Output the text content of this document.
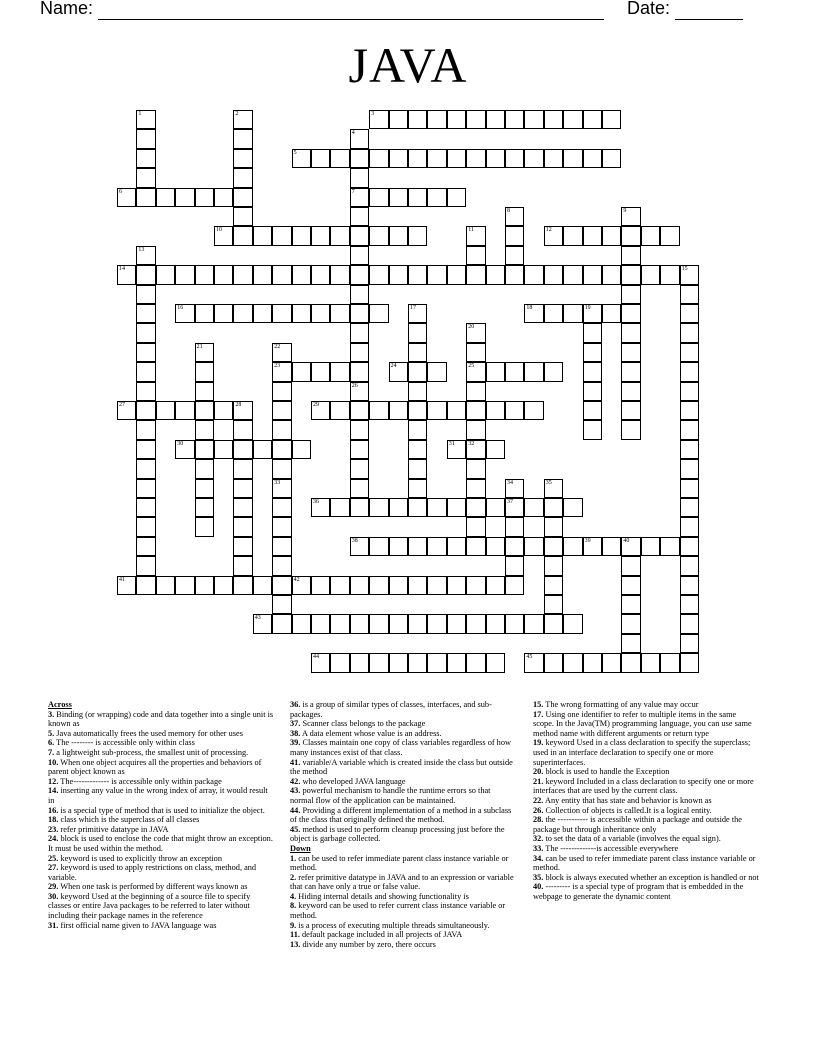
Name:	Date:
JAVA
1	2	3
4
7
5
6
8	9
10	11	12
13
14	15
16	17	18	19
20
25
21	22
23	24
26
27	28	29
30	31 32
33	34
37
35
36
38	39	40
41	42
43
44	45
Across
3. Binding (or wrapping) code and data together into a single unit is known as
5. Java automatically frees the used memory for other uses
6. The -------- is accessible only within class
7. a lightweight sub-process, the smallest unit of processing.
10. When one object acquires all the properties and behaviors of parent object known as
12. The------------- is accessible only within package
14. inserting any value in the wrong index of array, it would result in
16. is a special type of method that is used to initialize the object.
18. class which is the superclass of all classes
23. refer primitive datatype in JAVA
24. block is used to enclose the code that might throw an exception. It must be used within the method.
25. keyword is used to explicitly throw an exception
27. keyword is used to apply restrictions on class, method, and variable.
29. When one task is performed by different ways known as
30. keyword Used at the beginning of a source file to specify classes or entire Java packages to be referred to later without including their package names in the reference
31. first official name given to JAVA language was
36. is a group of similar types of classes, interfaces, and sub-packages.
37. Scanner class belongs to the package
38. A data element whose value is an address.
39. Classes maintain one copy of class variables regardless of how many instances exist of that class.
41. variable/A variable which is created inside the class but outside the method
42. who developed JAVA language
43. powerful mechanism to handle the runtime errors so that normal flow of the application can be maintained.
44. Providing a different implementation of a method in a subclass of the class that originally defined the method.
45. method is used to perform cleanup processing just before the object is garbage collected.
Down
1. can be used to refer immediate parent class instance variable or method.
2. refer primitive datatype in JAVA and to an expression or variable that can have only a true or false value.
4. Hiding internal details and showing functionality is
8. keyword can be used to refer current class instance variable or method.
9. is a process of executing multiple threads simultaneously.
11. default package included in all projects of JAVA
13. divide any number by zero, there occurs
15. The wrong formatting of any value may occur
17. Using one identifier to refer to multiple items in the same scope. In the Java(TM) programming language, you can use same method name with different arguments or return type
19. keyword Used in a class declaration to specify the superclass; used in an interface declaration to specify one or more superinterfaces.
20. block is used to handle the Exception
21. keyword Included in a class declaration to specify one or more interfaces that are used by the current class.
22. Any entity that has state and behavior is known as
26. Collection of objects is called.It is a logical entity.
28. the ----------- is accessible within a package and outside the package but through inheritance only
32. to set the data of a variable (involves the equal sign).
33. The -------------is accessible everywhere
34. can be used to refer immediate parent class instance variable or method.
35. block is always executed whether an exception is handled or not
40. --------- is a special type of program that is embedded in the webpage to generate the dynamic content
